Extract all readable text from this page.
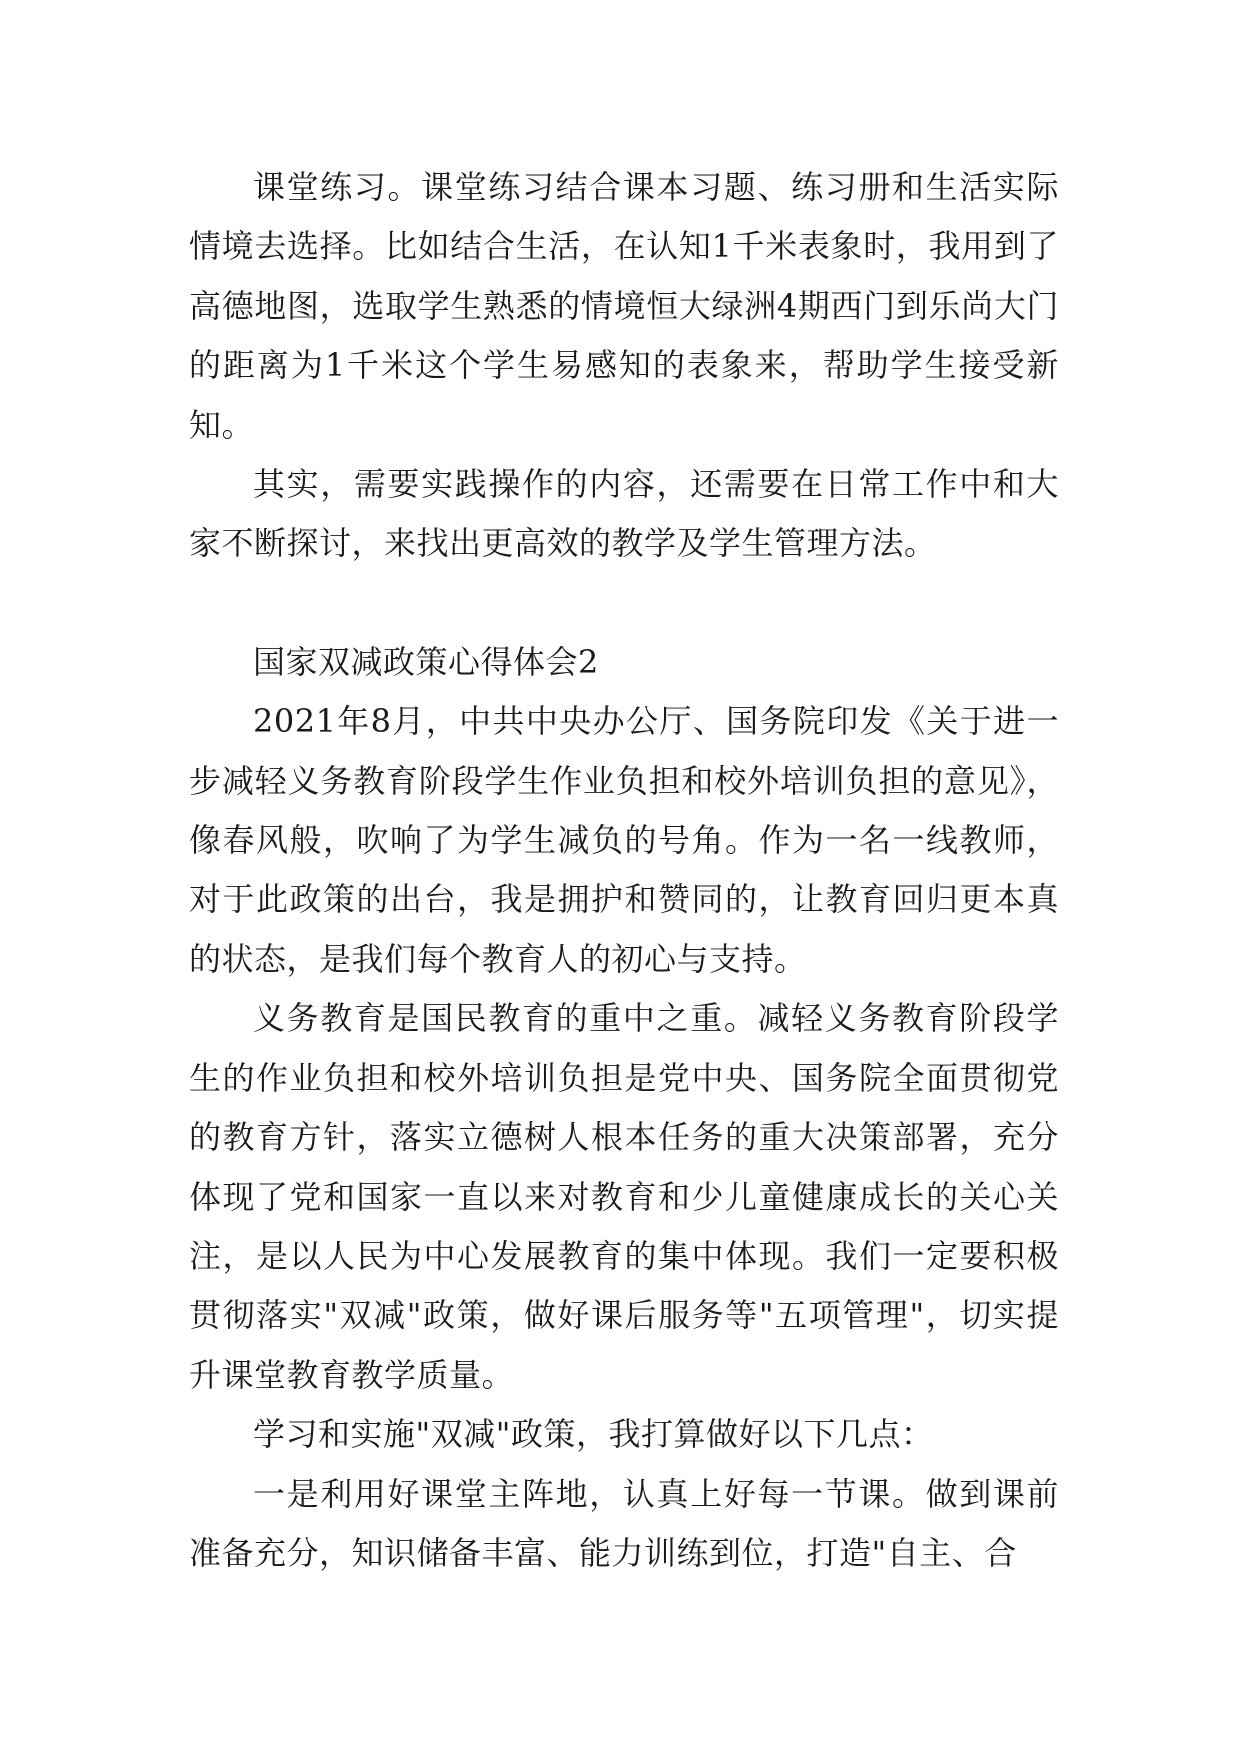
课堂练习。课堂练习结合课本习题、练习册和生活实际情境去选择。比如结合生活，在认知1千米表象时，我用到了高德地图，选取学生熟悉的情境恒大绿洲4期西门到乐尚大门的距离为1千米这个学生易感知的表象来，帮助学生接受新知。

其实，需要实践操作的内容，还需要在日常工作中和大家不断探讨，来找出更高效的教学及学生管理方法。

国家双减政策心得体会2

2021年8月，中共中央办公厅、国务院印发《关于进一步减轻义务教育阶段学生作业负担和校外培训负担的意见》，像春风般，吹响了为学生减负的号角。作为一名一线教师，对于此政策的出台，我是拥护和赞同的，让教育回归更本真的状态，是我们每个教育人的初心与支持。

义务教育是国民教育的重中之重。减轻义务教育阶段学生的作业负担和校外培训负担是党中央、国务院全面贯彻党的教育方针，落实立德树人根本任务的重大决策部署，充分体现了党和国家一直以来对教育和少儿童健康成长的关心关注，是以人民为中心发展教育的集中体现。我们一定要积极贯彻落实"双减"政策，做好课后服务等"五项管理"，切实提升课堂教育教学质量。

学习和实施"双减"政策，我打算做好以下几点：

一是利用好课堂主阵地，认真上好每一节课。做到课前准备充分，知识储备丰富、能力训练到位，打造"自主、合
